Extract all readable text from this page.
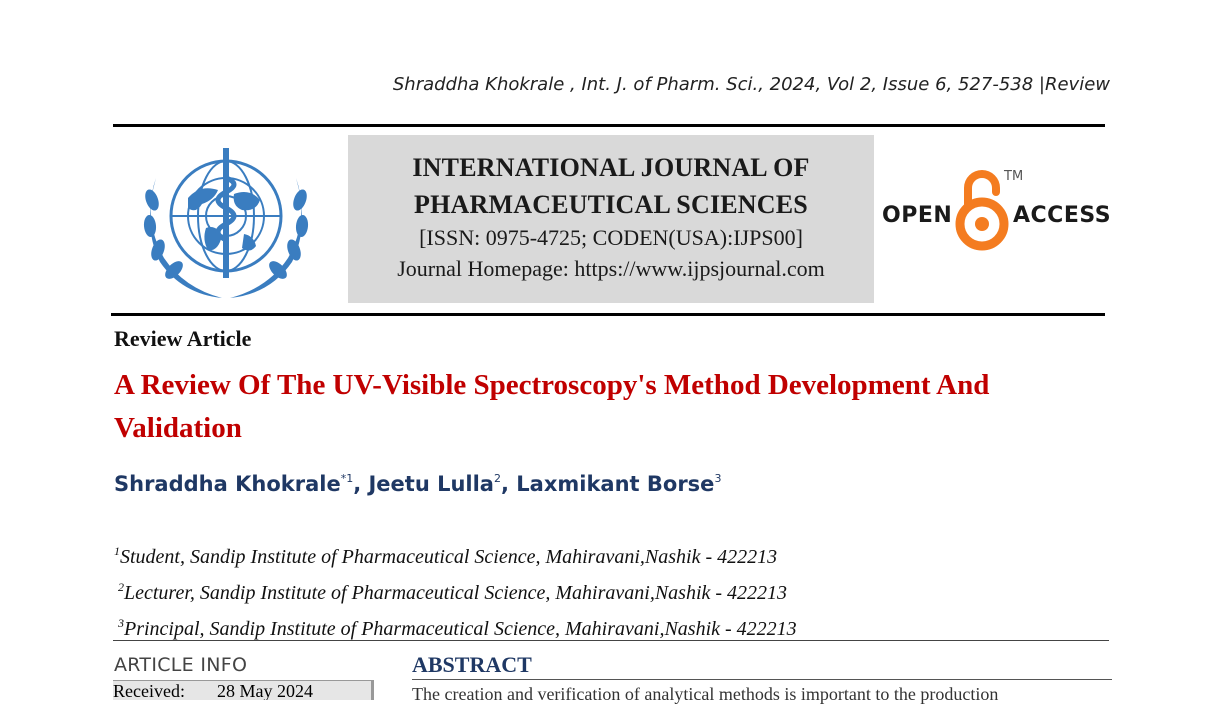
Shraddha Khokrale , Int. J. of Pharm. Sci., 2024, Vol 2, Issue 6, 527-538 |Review
INTERNATIONAL JOURNAL OF
PHARMACEUTICAL SCIENCES
[ISSN: 0975-4725; CODEN(USA):IJPS00]
Journal Homepage: https://www.ijpsjournal.com
OPEN
TM
ACCESS
Review Article
A Review Of The UV-Visible Spectroscopy's Method Development And Validation
Shraddha Khokrale$^{*1}$, Jeetu Lulla$^2$, Laxmikant Borse$^3$
$^1$Student, Sandip Institute of Pharmaceutical Science, Mahiravani,Nashik - 422213
$^2$Lecturer, Sandip Institute of Pharmaceutical Science, Mahiravani,Nashik - 422213
$^3$Principal, Sandip Institute of Pharmaceutical Science, Mahiravani,Nashik - 422213
ARTICLE INFO
Received: 28 May 2024
ABSTRACT
The creation and verification of analytical methods is important to the production
